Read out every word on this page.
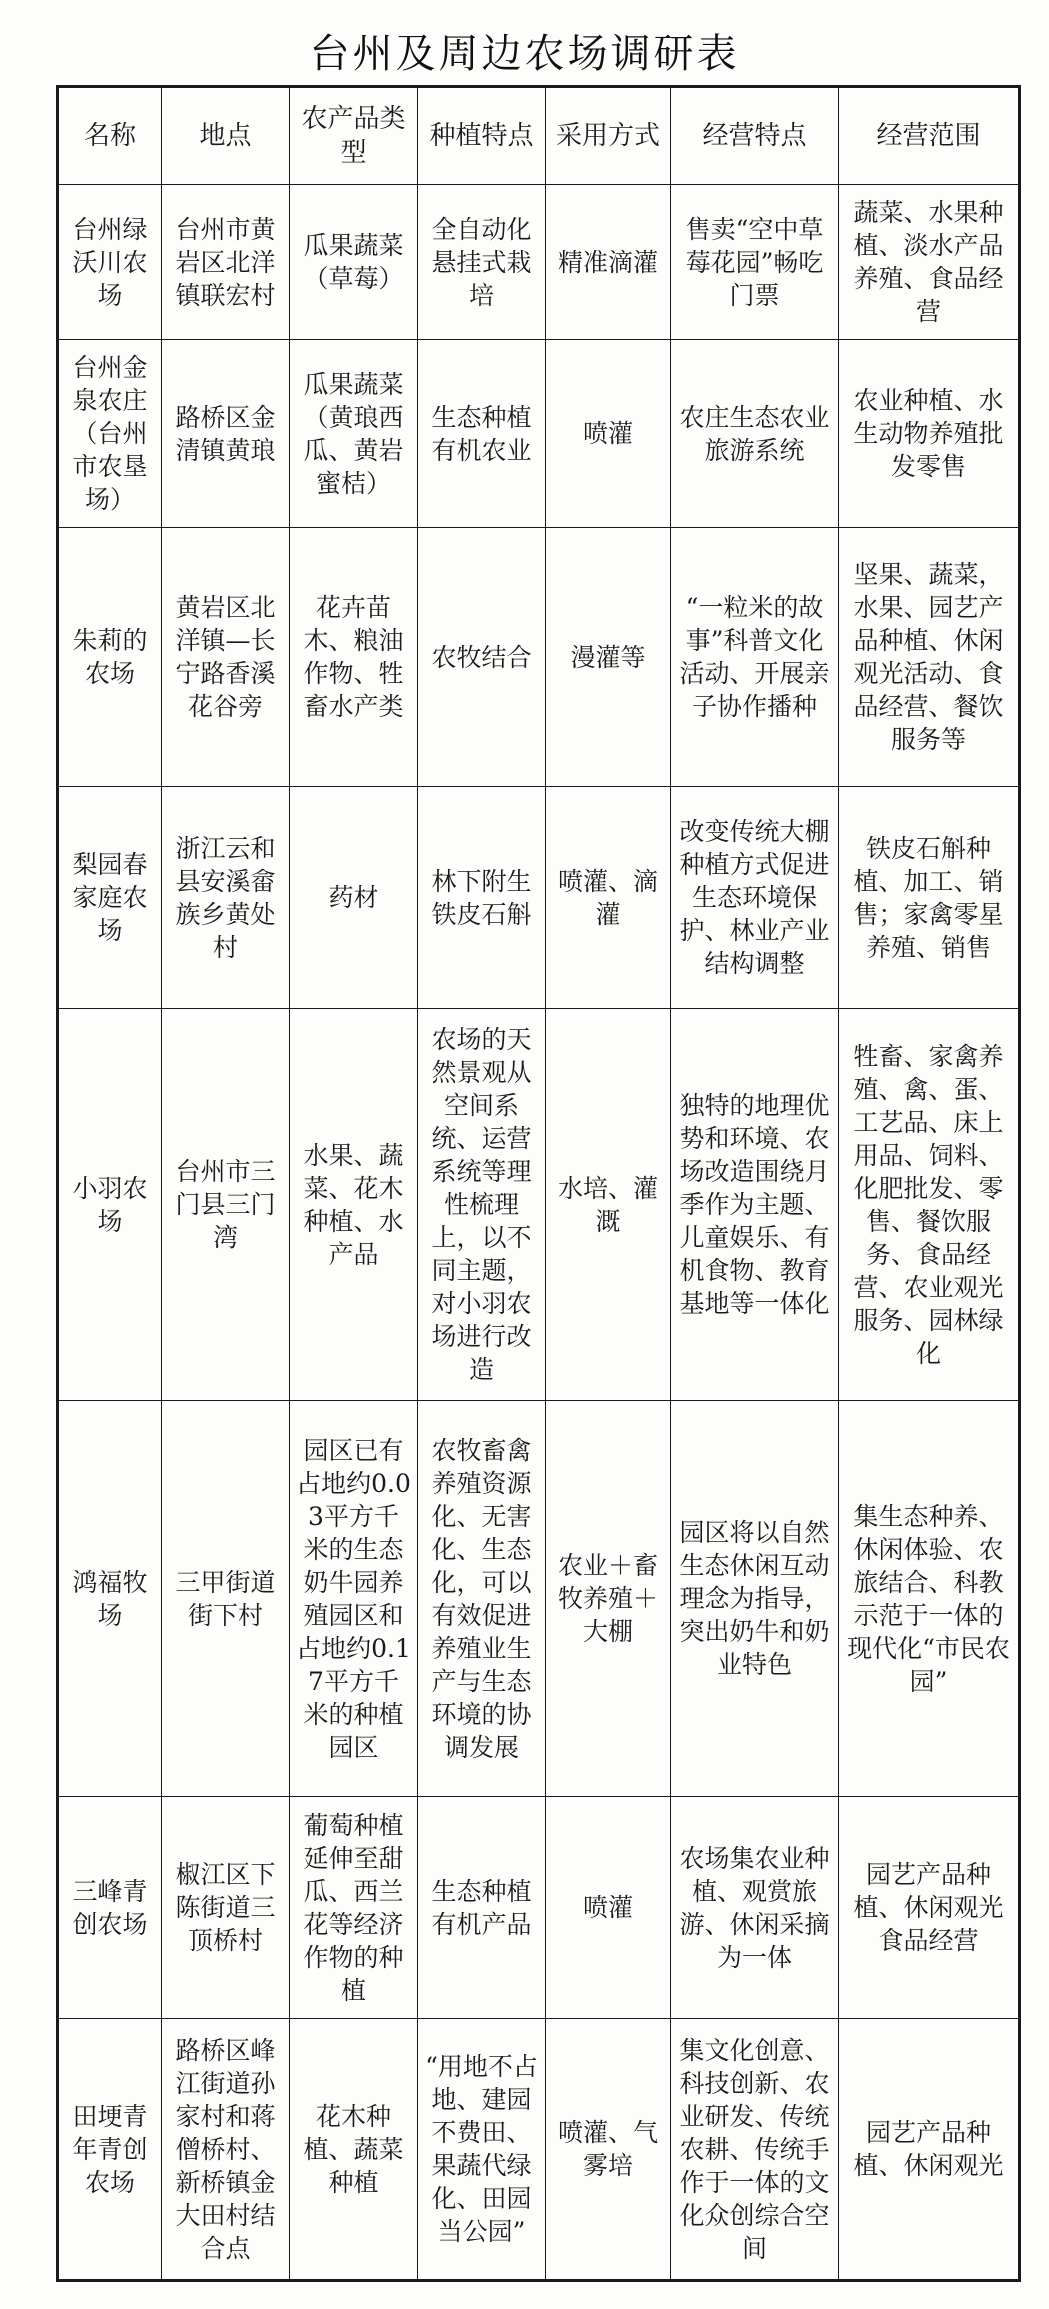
台州及周边农场调研表
名称	地点	农产品类型	种植特点	采用方式	经营特点	经营范围
台州绿沃川农场	台州市黄岩区北洋镇联宏村	瓜果蔬菜（草莓）	全自动化悬挂式栽培	精准滴灌	售卖“空中草莓花园”畅吃门票	蔬菜、水果种植、淡水产品养殖、食品经营
台州金泉农庄（台州市农垦场）	路桥区金清镇黄琅	瓜果蔬菜（黄琅西瓜、黄岩蜜桔）	生态种植有机农业	喷灌	农庄生态农业旅游系统	农业种植、水生动物养殖批发零售
朱莉的农场	黄岩区北洋镇—长宁路香溪花谷旁	花卉苗木、粮油作物、牲畜水产类	农牧结合	漫灌等	“一粒米的故事”科普文化活动、开展亲子协作播种	坚果、蔬菜，水果、园艺产品种植、休闲观光活动、食品经营、餐饮服务等
梨园春家庭农场	浙江云和县安溪畲族乡黄处村	药材	林下附生铁皮石斛	喷灌、滴灌	改变传统大棚种植方式促进生态环境保护、林业产业结构调整	铁皮石斛种植、加工、销售；家禽零星养殖、销售
小羽农场	台州市三门县三门湾	水果、蔬菜、花木种植、水产品	农场的天然景观从空间系统、运营系统等理性梳理上，以不同主题，对小羽农场进行改造	水培、灌溉	独特的地理优势和环境、农场改造围绕月季作为主题、儿童娱乐、有机食物、教育基地等一体化	牲畜、家禽养殖、禽、蛋、工艺品、床上用品、饲料、化肥批发、零售、餐饮服务、食品经营、农业观光服务、园林绿化
鸿福牧场	三甲街道街下村	园区已有占地约0.03平方千米的生态奶牛园养殖园区和占地约0.17平方千米的种植园区	农牧畜禽养殖资源化、无害化、生态化，可以有效促进养殖业生产与生态环境的协调发展	农业＋畜牧养殖＋大棚	园区将以自然生态休闲互动理念为指导，突出奶牛和奶业特色	集生态种养、休闲体验、农旅结合、科教示范于一体的现代化“市民农园”
三峰青创农场	椒江区下陈街道三顶桥村	葡萄种植延伸至甜瓜、西兰花等经济作物的种植	生态种植有机产品	喷灌	农场集农业种植、观赏旅游、休闲采摘为一体	园艺产品种植、休闲观光食品经营
田埂青年青创农场	路桥区峰江街道孙家村和蒋僧桥村、新桥镇金大田村结合点	花木种植、蔬菜种植	“用地不占地、建园不费田、果蔬代绿化、田园当公园”	喷灌、气雾培	集文化创意、科技创新、农业研发、传统农耕、传统手作于一体的文化众创综合空间	园艺产品种植、休闲观光
